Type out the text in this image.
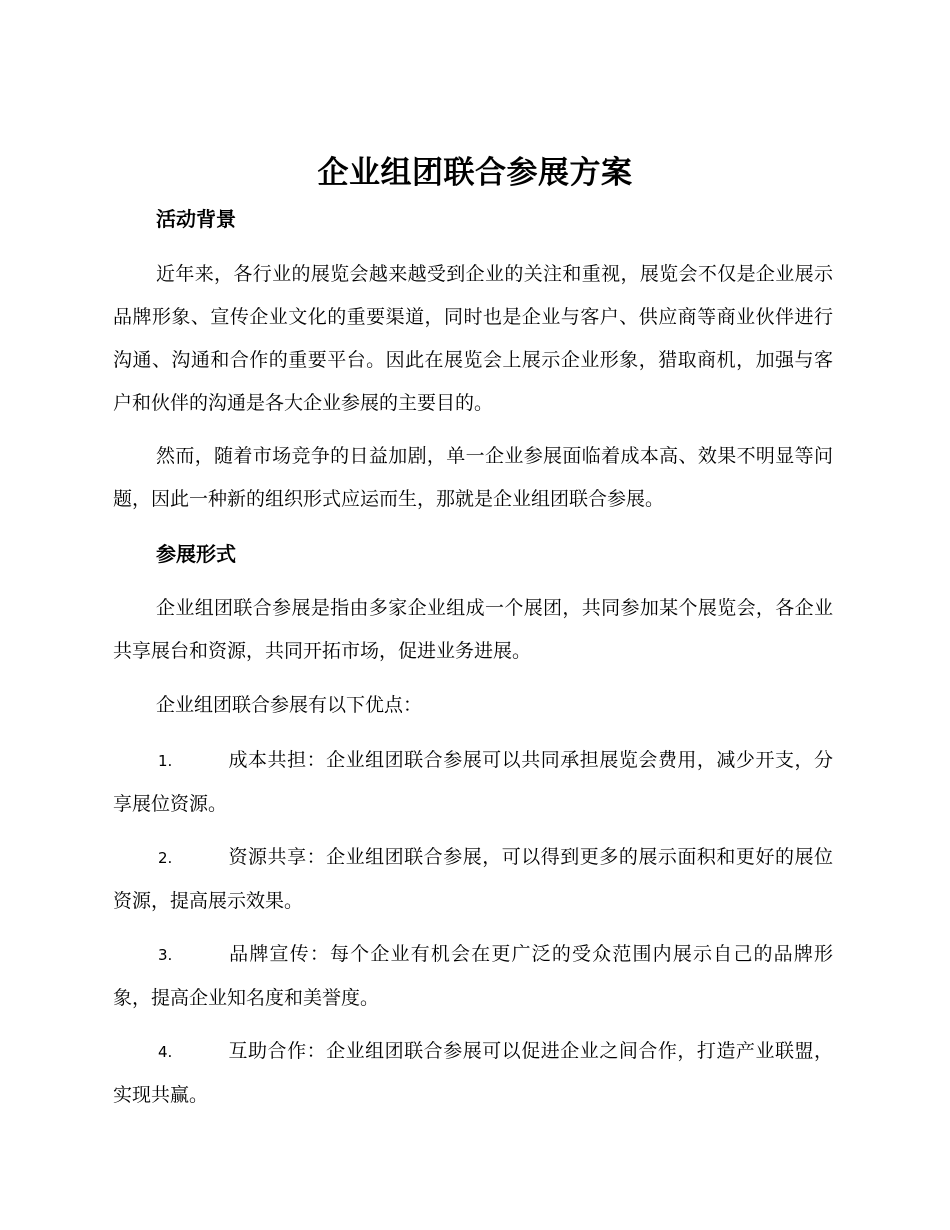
企业组团联合参展方案
活动背景
近年来，各行业的展览会越来越受到企业的关注和重视，展览会不仅是企业展示品牌形象、宣传企业文化的重要渠道，同时也是企业与客户、供应商等商业伙伴进行沟通、沟通和合作的重要平台。因此在展览会上展示企业形象，猎取商机，加强与客户和伙伴的沟通是各大企业参展的主要目的。
然而，随着市场竞争的日益加剧，单一企业参展面临着成本高、效果不明显等问题，因此一种新的组织形式应运而生，那就是企业组团联合参展。
参展形式
企业组团联合参展是指由多家企业组成一个展团，共同参加某个展览会，各企业共享展台和资源，共同开拓市场，促进业务进展。
企业组团联合参展有以下优点：
1.	成本共担：企业组团联合参展可以共同承担展览会费用，减少开支，分享展位资源。
2.	资源共享：企业组团联合参展，可以得到更多的展示面积和更好的展位资源，提高展示效果。
3.	品牌宣传：每个企业有机会在更广泛的受众范围内展示自己的品牌形象，提高企业知名度和美誉度。
4.	互助合作：企业组团联合参展可以促进企业之间合作，打造产业联盟，实现共赢。
